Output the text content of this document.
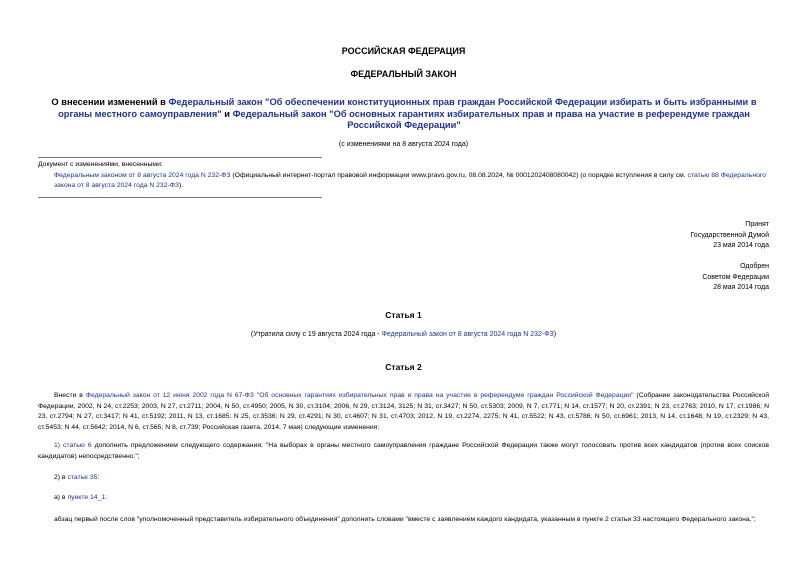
РОССИЙСКАЯ ФЕДЕРАЦИЯ
ФЕДЕРАЛЬНЫЙ ЗАКОН
О внесении изменений в Федеральный закон "Об обеспечении конституционных прав граждан Российской Федерации избирать и быть избранными в органы местного самоуправления" и Федеральный закон "Об основных гарантиях избирательных прав и права на участие в референдуме граждан Российской Федерации"
(с изменениями на 8 августа 2024 года)
Документ с изменениями, внесенными:
Федеральным законом от 8 августа 2024 года N 232-ФЗ (Официальный интернет-портал правовой информации www.pravo.gov.ru, 08.08.2024, № 0001202408080042) (о порядке вступления в силу см. статью 88 Федерального закона от 8 августа 2024 года N 232-ФЗ).
Принят
Государственной Думой
23 мая 2014 года
Одобрен
Советом Федерации
28 мая 2014 года
Статья 1
(Утратила силу с 19 августа 2024 года - Федеральный закон от 8 августа 2024 года N 232-ФЗ)
Статья 2
Внести в Федеральный закон от 12 июня 2002 года N 67-ФЗ "Об основных гарантиях избирательных прав и права на участие в референдуме граждан Российской Федерации" (Собрание законодательства Российской Федерации, 2002, N 24, ст.2253; 2003, N 27, ст.2711; 2004, N 50, ст.4950; 2005, N 30, ст.3104; 2006, N 29, ст.3124, 3125; N 31, ст.3427; N 50, ст.5303; 2009, N 7, ст.771; N 14, ст.1577; N 20, ст.2391; N 23, ст.2763; 2010, N 17, ст.1986; N 23, ст.2794; N 27, ст.3417; N 41, ст.5192; 2011, N 13, ст.1685; N 25, ст.3536; N 29, ст.4291; N 30, ст.4607; N 31, ст.4703; 2012, N 19, ст.2274, 2275; N 41, ст.5522; N 43, ст.5786; N 50, ст.6961; 2013, N 14, ст.1648; N 19, ст.2329; N 43, ст.5453; N 44, ст.5642; 2014, N 6, ст.565; N 8, ст.739; Российская газета, 2014, 7 мая) следующие изменения:
1) статью 6 дополнить предложением следующего содержания: "На выборах в органы местного самоуправления граждане Российской Федерации также могут голосовать против всех кандидатов (против всех списков кандидатов) непосредственно.";
2) в статье 35:
а) в пункте 14_1:
абзац первый после слов "уполномоченный представитель избирательного объединения" дополнить словами "вместе с заявлением каждого кандидата, указанным в пункте 2 статьи 33 настоящего Федерального закона,";
